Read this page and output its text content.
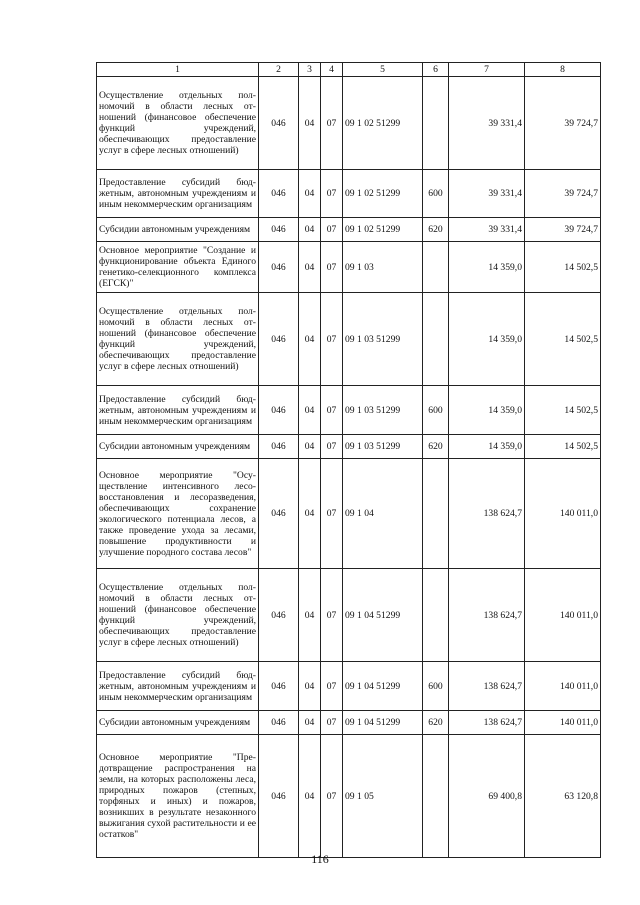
1	2	3	4	5	6	7	8
Осуществление отдельных полномочий в области лесных отношений (финансовое обеспечение функций учреждений, обеспечивающих предоставление услуг в сфере лесных отношений)	046	04	07	09 1 02 51299		39 331,4	39 724,7
Предоставление субсидий бюджетным, автономным учреждениям и иным некоммерческим организациям	046	04	07	09 1 02 51299	600	39 331,4	39 724,7
Субсидии автономным учреждениям	046	04	07	09 1 02 51299	620	39 331,4	39 724,7
Основное мероприятие "Создание и функционирование объекта Единого генетико-селекционного комплекса (ЕГСК)"	046	04	07	09 1 03		14 359,0	14 502,5
Осуществление отдельных полномочий в области лесных отношений (финансовое обеспечение функций учреждений, обеспечивающих предоставление услуг в сфере лесных отношений)	046	04	07	09 1 03 51299		14 359,0	14 502,5
Предоставление субсидий бюджетным, автономным учреждениям и иным некоммерческим организациям	046	04	07	09 1 03 51299	600	14 359,0	14 502,5
Субсидии автономным учреждениям	046	04	07	09 1 03 51299	620	14 359,0	14 502,5
Основное мероприятие "Осуществление интенсивного лесовосстановления и лесоразведения, обеспечивающих сохранение экологического потенциала лесов, а также проведение ухода за лесами, повышение продуктивности и улучшение породного состава лесов"	046	04	07	09 1 04		138 624,7	140 011,0
Осуществление отдельных полномочий в области лесных отношений (финансовое обеспечение функций учреждений, обеспечивающих предоставление услуг в сфере лесных отношений)	046	04	07	09 1 04 51299		138 624,7	140 011,0
Предоставление субсидий бюджетным, автономным учреждениям и иным некоммерческим организациям	046	04	07	09 1 04 51299	600	138 624,7	140 011,0
Субсидии автономным учреждениям	046	04	07	09 1 04 51299	620	138 624,7	140 011,0
Основное мероприятие "Предотвращение распространения на земли, на которых расположены леса, природных пожаров (степных, торфяных и иных) и пожаров, возникших в результате незаконного выжигания сухой растительности и ее остатков"	046	04	07	09 1 05		69 400,8	63 120,8
116
